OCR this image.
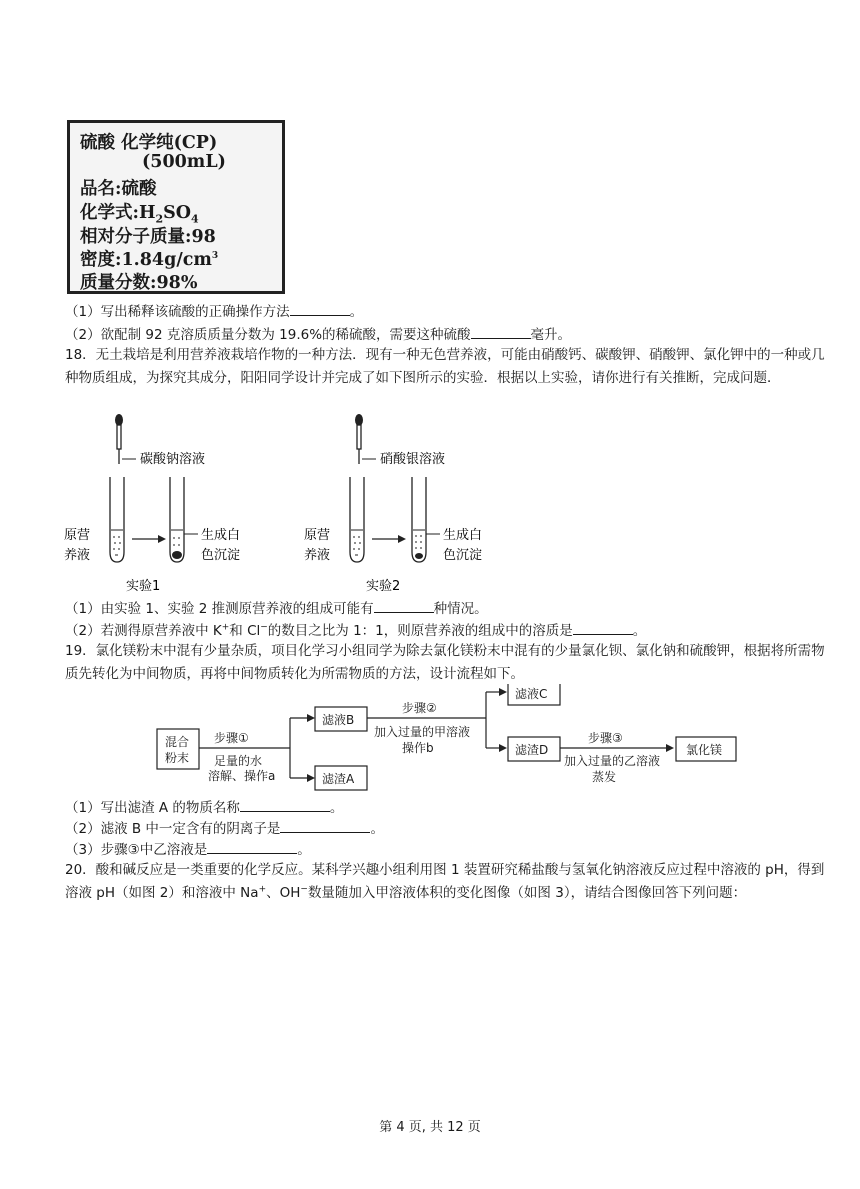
硫酸 化学纯(CP)
(500mL)
品名:硫酸
化学式$:H_2SO_4$
相对分子质量:98
密度$:1.84g/cm^3$
质量分数:98%
（1）写出稀释该硫酸的正确操作方法	。
（2）欲配制 92 克溶质质量分数为 19.6%的稀硫酸，需要这种硫酸	毫升。
18．无土栽培是利用营养液栽培作物的一种方法．现有一种无色营养液，可能由硝酸钙、碳酸钾、硝酸钾、氯化钾中的一种或几种物质组成，为探究其成分，阳阳同学设计并完成了如下图所示的实验．根据以上实验，请你进行有关推断，完成问题．
碳酸钠溶液
原营
养液
生成白
色沉淀
实验1
硝酸银溶液
原营
养液
生成白
色沉淀
实验2
（1）由实验 1、实验 2 推测原营养液的组成可能有	种情况。
（2）若测得原营养液中 K+和 Cl−的数目之比为 1：1，则原营养液的组成中的溶质是	。
19．氯化镁粉末中混有少量杂质，项目化学习小组同学为除去氯化镁粉末中混有的少量氯化钡、氯化钠和硫酸钾，根据将所需物质先转化为中间物质，再将中间物质转化为所需物质的方法，设计流程如下。
混合
粉末
步骤①
足量的水
溶解、操作a
滤液B
滤渣A
步骤②
加入过量的甲溶液
操作b
滤液C
滤渣D
步骤③
加入过量的乙溶液
蒸发
氯化镁
（1）写出滤渣 A 的物质名称	。
（2）滤液 B 中一定含有的阴离子是	。
（3）步骤③中乙溶液是	。
20．酸和碱反应是一类重要的化学反应。某科学兴趣小组利用图 1 装置研究稀盐酸与氢氧化钠溶液反应过程中溶液的 pH，得到溶液 pH（如图 2）和溶液中 Na+、OH−数量随加入甲溶液体积的变化图像（如图 3），请结合图像回答下列问题：
第 4 页, 共 12 页
